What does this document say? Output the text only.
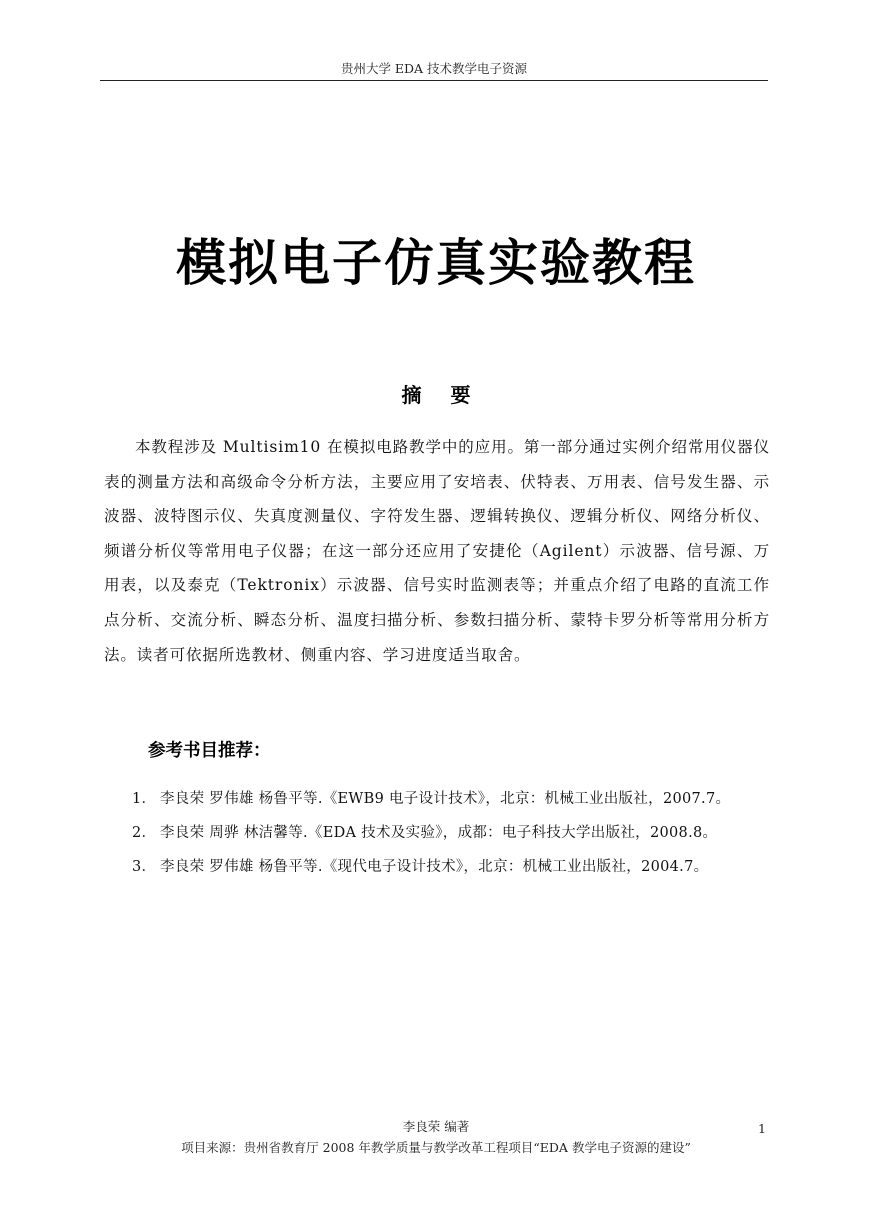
贵州大学 EDA 技术教学电子资源
模拟电子仿真实验教程
摘 要

本教程涉及 Multisim10 在模拟电路教学中的应用。第一部分通过实例介绍常用仪器仪表的测量方法和高级命令分析方法，主要应用了安培表、伏特表、万用表、信号发生器、示波器、波特图示仪、失真度测量仪、字符发生器、逻辑转换仪、逻辑分析仪、网络分析仪、频谱分析仪等常用电子仪器；在这一部分还应用了安捷伦（Agilent）示波器、信号源、万用表，以及泰克（Tektronix）示波器、信号实时监测表等；并重点介绍了电路的直流工作点分析、交流分析、瞬态分析、温度扫描分析、参数扫描分析、蒙特卡罗分析等常用分析方法。读者可依据所选教材、侧重内容、学习进度适当取舍。

参考书目推荐：
1． 李良荣 罗伟雄 杨鲁平等.《EWB9 电子设计技术》，北京：机械工业出版社，2007.7。
2． 李良荣 周骅 林洁馨等.《EDA 技术及实验》，成都：电子科技大学出版社，2008.8。
3． 李良荣 罗伟雄 杨鲁平等.《现代电子设计技术》，北京：机械工业出版社，2004.7。
李良荣 编著	1
项目来源：贵州省教育厅 2008 年教学质量与教学改革工程项目“EDA 教学电子资源的建设”
